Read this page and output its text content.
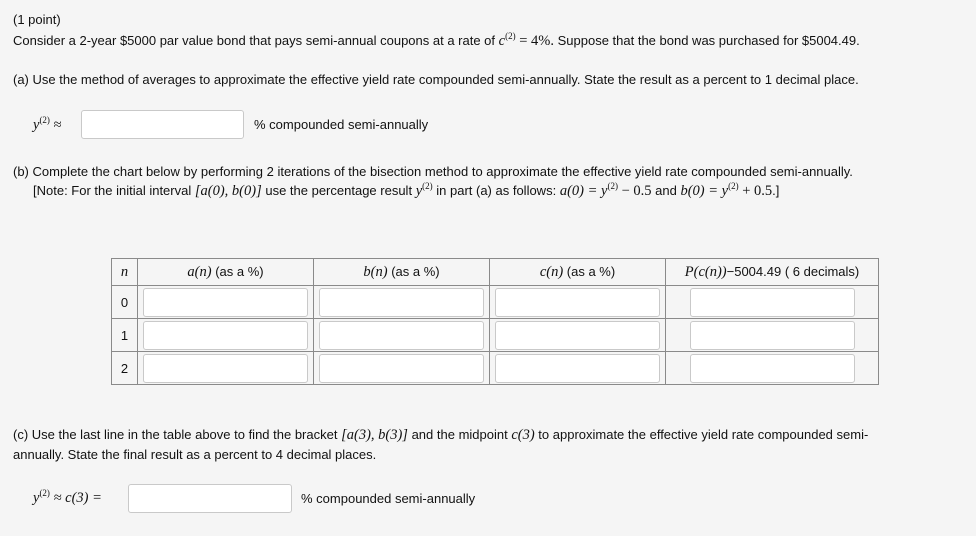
(1 point)
Consider a 2-year $5000 par value bond that pays semi-annual coupons at a rate of $c^{(2)} = 4\%$. Suppose that the bond was purchased for $5004.49.
(a) Use the method of averages to approximate the effective yield rate compounded semi-annually. State the result as a percent to 1 decimal place.
$y^{(2)}$ ≈	% compounded semi-annually
(b) Complete the chart below by performing 2 iterations of the bisection method to approximate the effective yield rate compounded semi-annually.
[Note: For the initial interval [a(0), b(0)] use the percentage result $y^{(2)}$ in part (a) as follows: $a(0) = y^{(2)} - 0.5$ and $b(0) = y^{(2)} + 0.5$.]
n	a(n) (as a %)	b(n) (as a %)	c(n) (as a %)	P(c(n))−5004.49 ( 6 decimals)
0				
1				
2				
(c) Use the last line in the table above to find the bracket [a(3), b(3)] and the midpoint c(3) to approximate the effective yield rate compounded semi-
annually. State the final result as a percent to 4 decimal places.
$y^{(2)} \approx c(3)$ =	% compounded semi-annually
